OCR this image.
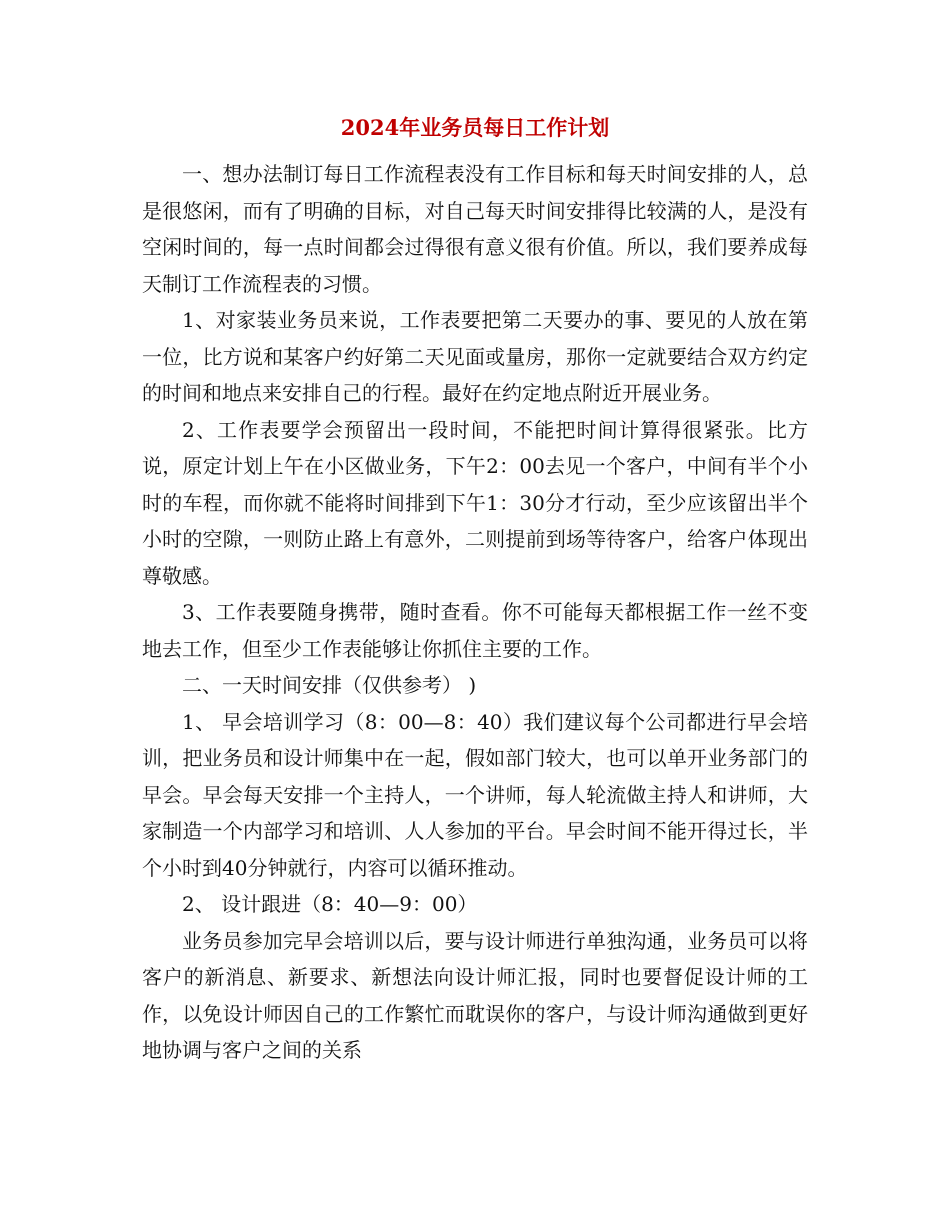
2024年业务员每日工作计划

一、想办法制订每日工作流程表没有工作目标和每天时间安排的人，总是很悠闲，而有了明确的目标，对自己每天时间安排得比较满的人，是没有空闲时间的，每一点时间都会过得很有意义很有价值。所以，我们要养成每天制订工作流程表的习惯。

1、对家装业务员来说，工作表要把第二天要办的事、要见的人放在第一位，比方说和某客户约好第二天见面或量房，那你一定就要结合双方约定的时间和地点来安排自己的行程。最好在约定地点附近开展业务。

2、工作表要学会预留出一段时间，不能把时间计算得很紧张。比方说，原定计划上午在小区做业务，下午2：00去见一个客户，中间有半个小时的车程，而你就不能将时间排到下午1：30分才行动，至少应该留出半个小时的空隙，一则防止路上有意外，二则提前到场等待客户，给客户体现出尊敬感。

3、工作表要随身携带，随时查看。你不可能每天都根据工作一丝不变地去工作，但至少工作表能够让你抓住主要的工作。

二、一天时间安排（仅供参考） )

1、 早会培训学习（8：00—8：40）我们建议每个公司都进行早会培训，把业务员和设计师集中在一起，假如部门较大，也可以单开业务部门的早会。早会每天安排一个主持人，一个讲师，每人轮流做主持人和讲师，大家制造一个内部学习和培训、人人参加的平台。早会时间不能开得过长，半个小时到40分钟就行，内容可以循环推动。

2、 设计跟进（8：40—9：00）

业务员参加完早会培训以后，要与设计师进行单独沟通，业务员可以将客户的新消息、新要求、新想法向设计师汇报，同时也要督促设计师的工作，以免设计师因自己的工作繁忙而耽误你的客户，与设计师沟通做到更好地协调与客户之间的关系
